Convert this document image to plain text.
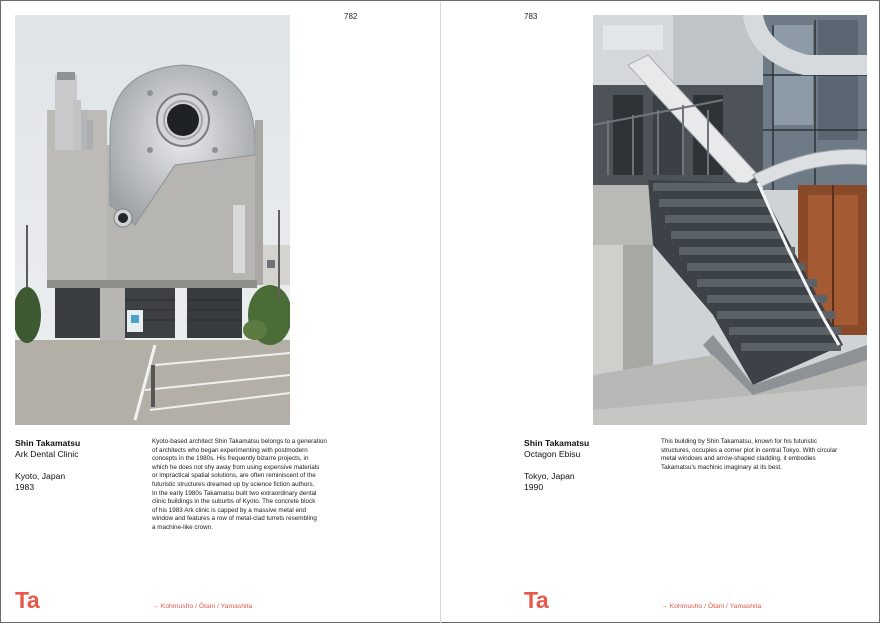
782
Shin Takamatsu
Ark Dental Clinic
Kyoto, Japan
1983
Kyoto-based architect Shin Takamatsu belongs to a generation
of architects who began experimenting with postmodern
concepts in the 1980s. His frequently bizarre projects, in
which he does not shy away from using expensive materials
or impractical spatial solutions, are often reminiscent of the
futuristic structures dreamed up by science fiction authors.
In the early 1980s Takamatsu built two extraordinary dental
clinic buildings in the suburbs of Kyoto. The concrete block
of his 1983 Ark clinic is capped by a massive metal end
window and features a row of metal-clad turrets resembling
a machine-like crown.
Ta	→ Kohmusho / Ōtani / Yamashita
783
Shin Takamatsu
Octagon Ebisu
Tokyo, Japan
1990
This building by Shin Takamatsu, known for his futuristic
structures, occupies a corner plot in central Tokyo. With circular
metal windows and arrow-shaped cladding, it embodies
Takamatsu's machinic imaginary at its best.
Ta	→ Kohmusho / Ōtani / Yamashita
